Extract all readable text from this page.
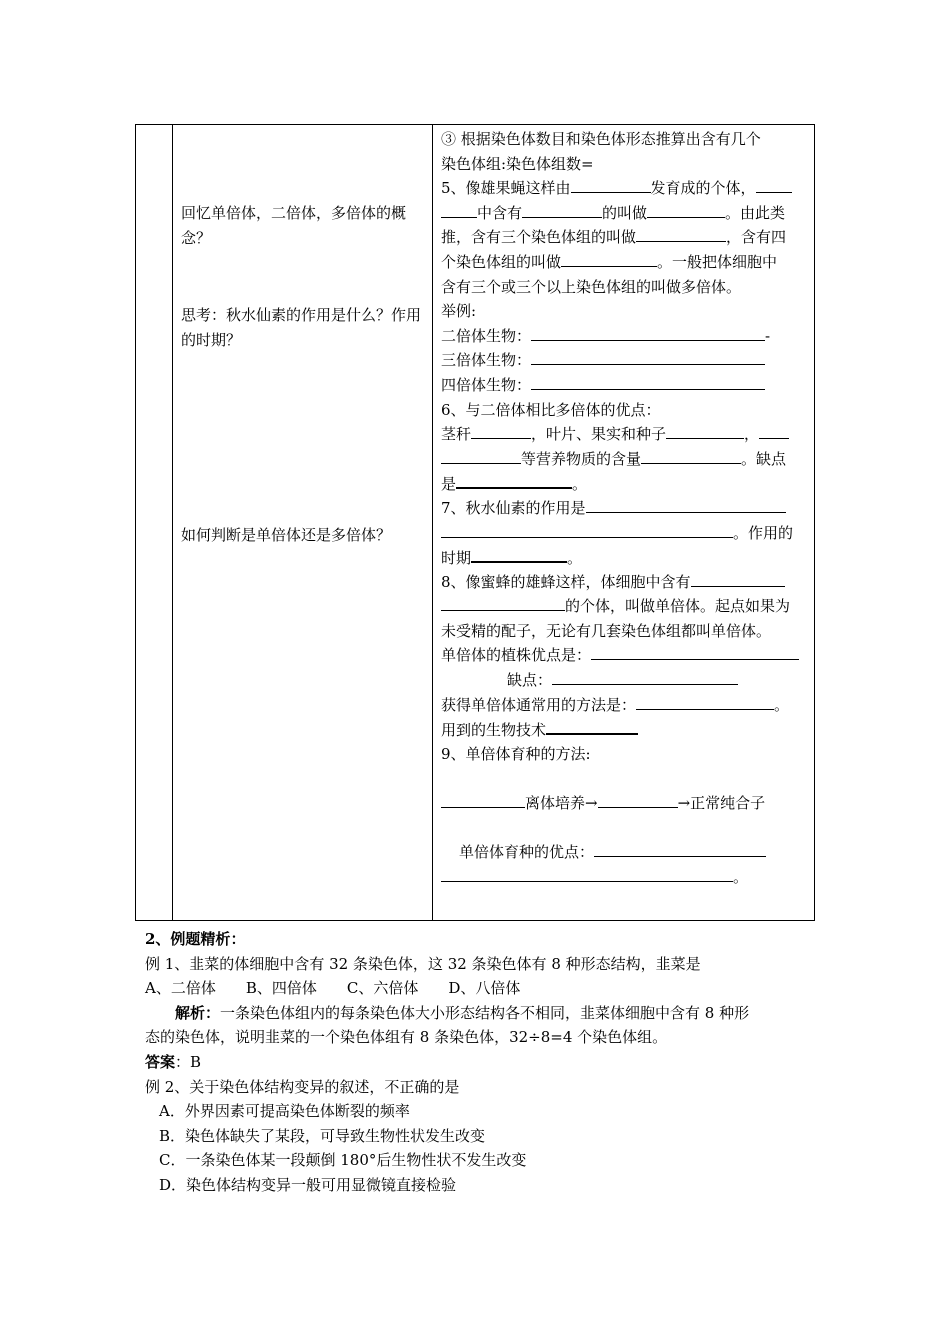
回忆单倍体，二倍体，多倍体的概念？
思考：秋水仙素的作用是什么？作用的时期？
如何判断是单倍体还是多倍体？
③ 根据染色体数目和染色体形态推算出含有几个
染色体组:染色体组数=
5、像雄果蝇这样由	发育成的个体，
中含有	的叫做	。由此类
推，含有三个染色体组的叫做	，含有四
个染色体组的叫做	。一般把体细胞中
含有三个或三个以上染色体组的叫做多倍体。
举例:
二倍体生物：	-
三倍体生物：
四倍体生物：
6、与二倍体相比多倍体的优点：
茎秆	，叶片、果实和种子	，
等营养物质的含量	。缺点
是	。
7、秋水仙素的作用是
。作用的
时期	。
8、像蜜蜂的雄蜂这样，体细胞中含有
的个体，叫做单倍体。起点如果为
未受精的配子，无论有几套染色体组都叫单倍体。
单倍体的植株优点是：
缺点：
获得单倍体通常用的方法是：	。
用到的生物技术
9、单倍体育种的方法:
离体培养→	→正常纯合子
单倍体育种的优点：
。
2、例题精析：
例 1、韭菜的体细胞中含有 32 条染色体，这 32 条染色体有 8 种形态结构，韭菜是
A、二倍体　　B、四倍体　　C、六倍体　　D、八倍体
解析：一条染色体组内的每条染色体大小形态结构各不相同，韭菜体细胞中含有 8 种形
态的染色体，说明韭菜的一个染色体组有 8 条染色体，32÷8=4 个染色体组。
答案：B
例 2、关于染色体结构变异的叙述，不正确的是
A．外界因素可提高染色体断裂的频率
B．染色体缺失了某段，可导致生物性状发生改变
C．一条染色体某一段颠倒 180°后生物性状不发生改变
D．染色体结构变异一般可用显微镜直接检验
